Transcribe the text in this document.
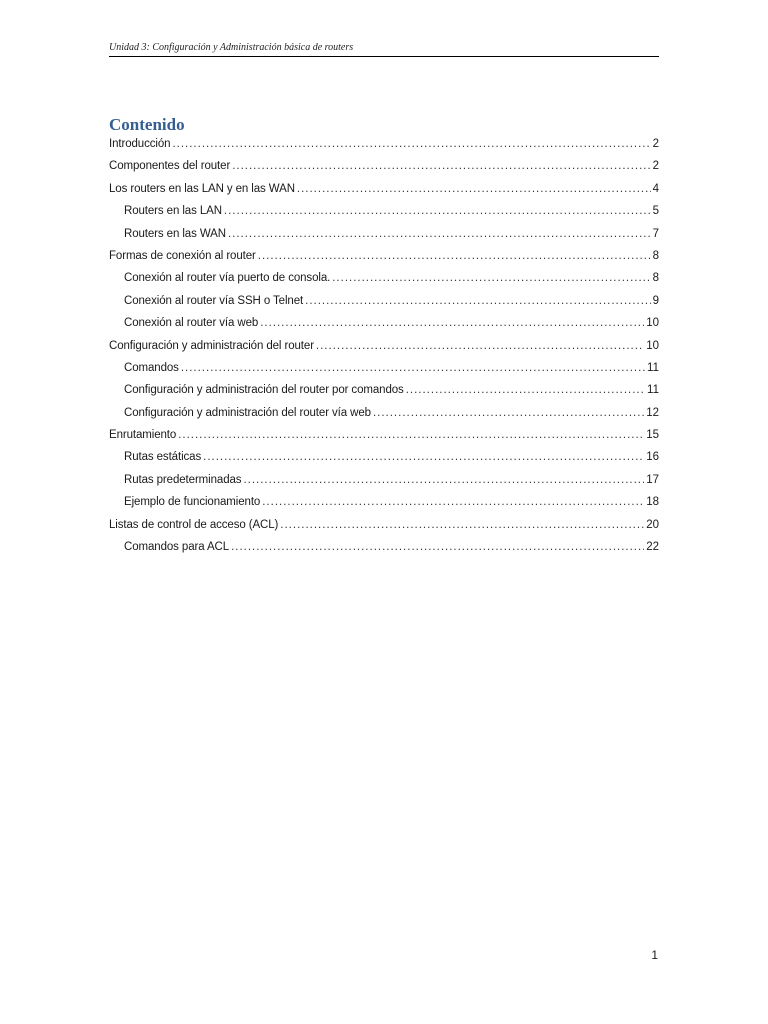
Unidad 3: Configuración y Administración básica de routers
Contenido
Introducción .....	2
Componentes del router .....	2
Los routers en las LAN y en las WAN .....	4
Routers en las LAN .....	5
Routers en las WAN .....	7
Formas de conexión al router .....	8
Conexión al router vía puerto de consola. .....	8
Conexión al router vía SSH o Telnet .....	9
Conexión al router vía web .....	10
Configuración y administración del router .....	10
Comandos .....	11
Configuración y administración del router por comandos .....	11
Configuración y administración del router vía web .....	12
Enrutamiento .....	15
Rutas estáticas .....	16
Rutas predeterminadas .....	17
Ejemplo de funcionamiento .....	18
Listas de control de acceso (ACL) .....	20
Comandos para ACL .....	22
1
